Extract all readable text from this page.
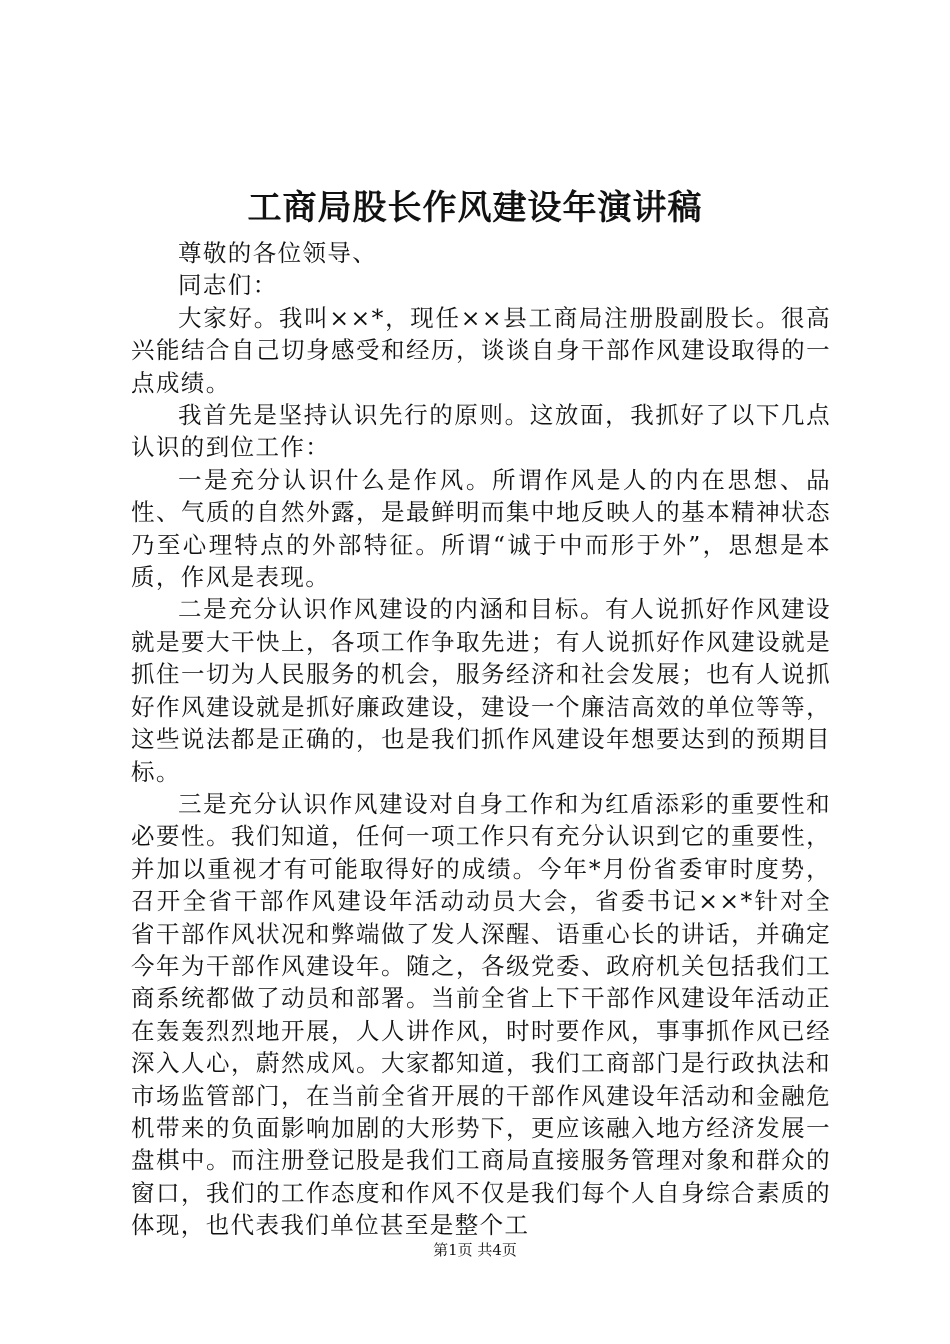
工商局股长作风建设年演讲稿

尊敬的各位领导、

同志们：

大家好。我叫××*，现任××县工商局注册股副股长。很高兴能结合自己切身感受和经历，谈谈自身干部作风建设取得的一点成绩。

我首先是坚持认识先行的原则。这放面，我抓好了以下几点认识的到位工作：

一是充分认识什么是作风。所谓作风是人的内在思想、品性、气质的自然外露，是最鲜明而集中地反映人的基本精神状态乃至心理特点的外部特征。所谓“诚于中而形于外”，思想是本质，作风是表现。

二是充分认识作风建设的内涵和目标。有人说抓好作风建设就是要大干快上，各项工作争取先进；有人说抓好作风建设就是抓住一切为人民服务的机会，服务经济和社会发展；也有人说抓好作风建设就是抓好廉政建设，建设一个廉洁高效的单位等等，这些说法都是正确的，也是我们抓作风建设年想要达到的预期目标。

三是充分认识作风建设对自身工作和为红盾添彩的重要性和必要性。我们知道，任何一项工作只有充分认识到它的重要性，并加以重视才有可能取得好的成绩。今年*月份省委审时度势，召开全省干部作风建设年活动动员大会，省委书记××*针对全省干部作风状况和弊端做了发人深醒、语重心长的讲话，并确定今年为干部作风建设年。随之，各级党委、政府机关包括我们工商系统都做了动员和部署。当前全省上下干部作风建设年活动正在轰轰烈烈地开展，人人讲作风，时时要作风，事事抓作风已经深入人心，蔚然成风。大家都知道，我们工商部门是行政执法和市场监管部门，在当前全省开展的干部作风建设年活动和金融危机带来的负面影响加剧的大形势下，更应该融入地方经济发展一盘棋中。而注册登记股是我们工商局直接服务管理对象和群众的窗口，我们的工作态度和作风不仅是我们每个人自身综合素质的体现，也代表我们单位甚至是整个工

第1页 共4页
